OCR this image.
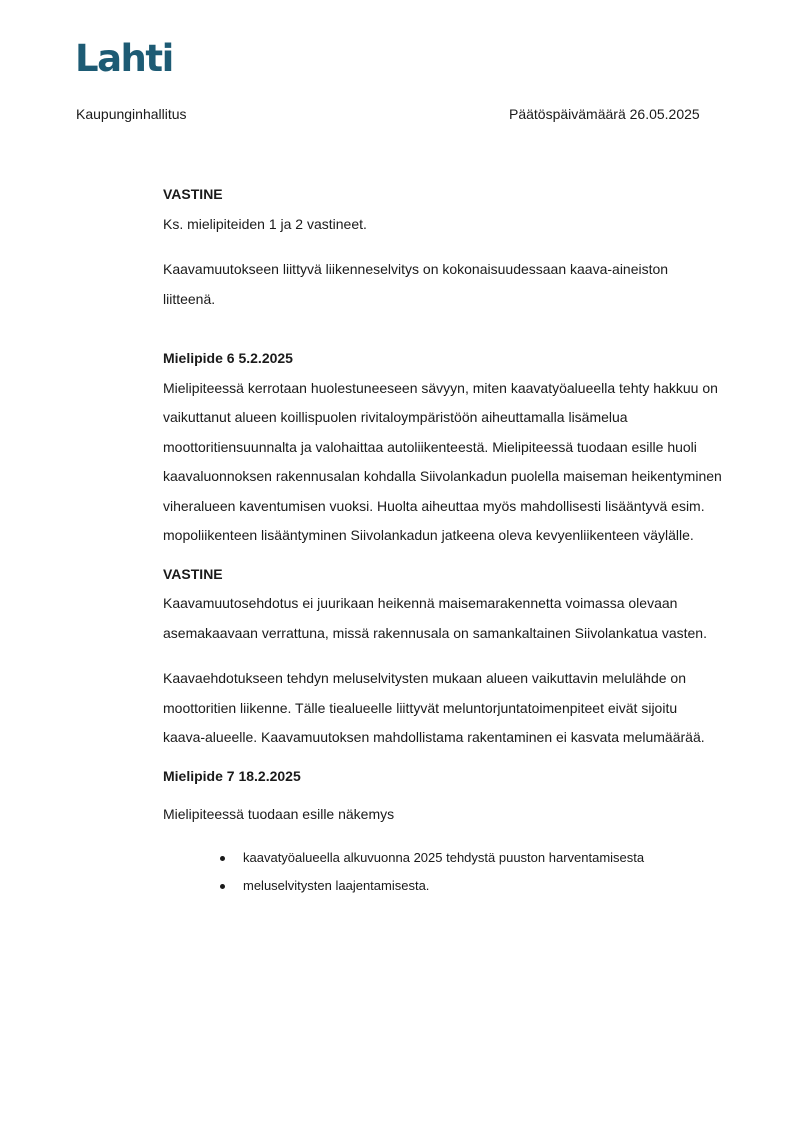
Lahti
Kaupunginhallitus	Päätöspäivämäärä 26.05.2025

VASTINE

Ks. mielipiteiden 1 ja 2 vastineet.

Kaavamuutokseen liittyvä liikenneselvitys on kokonaisuudessaan kaava-aineiston liitteenä.

Mielipide 6 5.2.2025

Mielipiteessä kerrotaan huolestuneeseen sävyyn, miten kaavatyöalueella tehty hakkuu on vaikuttanut alueen koillispuolen rivitaloympäristöön aiheuttamalla lisämelua moottoritiensuunnalta ja valohaittaa autoliikenteestä. Mielipiteessä tuodaan esille huoli kaavaluonnoksen rakennusalan kohdalla Siivolankadun puolella maiseman heikentyminen viheralueen kaventumisen vuoksi. Huolta aiheuttaa myös mahdollisesti lisääntyvä esim. mopoliikenteen lisääntyminen Siivolankadun jatkeena oleva kevyenliikenteen väylälle.

VASTINE

Kaavamuutosehdotus ei juurikaan heikennä maisemarakennetta voimassa olevaan asemakaavaan verrattuna, missä rakennusala on samankaltainen Siivolankatua vasten.

Kaavaehdotukseen tehdyn meluselvitysten mukaan alueen vaikuttavin melulähde on moottoritien liikenne. Tälle tiealueelle liittyvät meluntorjuntatoimenpiteet eivät sijoitu kaava-alueelle. Kaavamuutoksen mahdollistama rakentaminen ei kasvata melumäärää.

Mielipide 7 18.2.2025

Mielipiteessä tuodaan esille näkemys

kaavatyöalueella alkuvuonna 2025 tehdystä puuston harventamisesta
meluselvitysten laajentamisesta.
